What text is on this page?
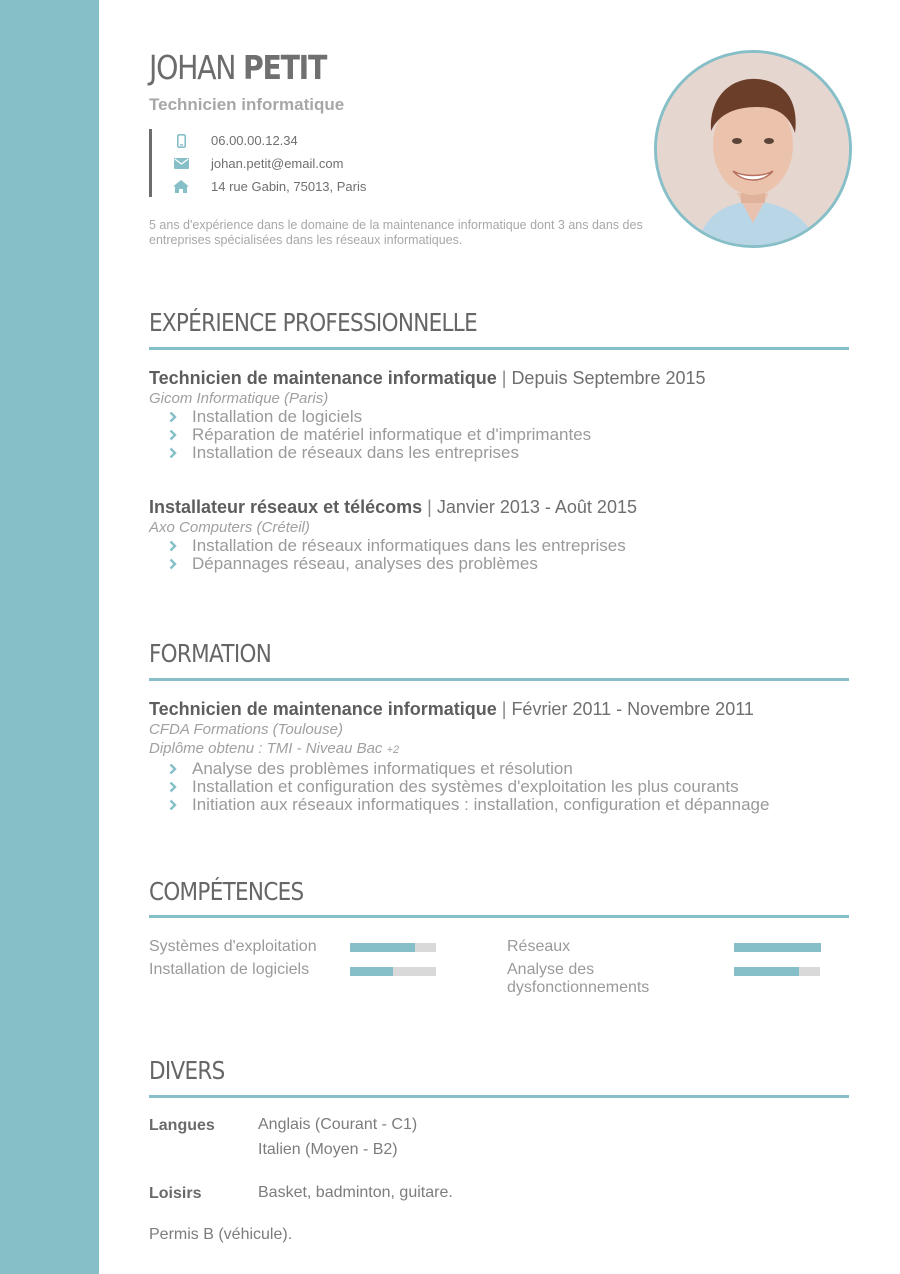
JOHAN PETIT
Technicien informatique
06.00.00.12.34
johan.petit@email.com
14 rue Gabin, 75013, Paris
5 ans d'expérience dans le domaine de la maintenance informatique dont 3 ans dans des entreprises spécialisées dans les réseaux informatiques.
EXPÉRIENCE PROFESSIONNELLE
Technicien de maintenance informatique | Depuis Septembre 2015
Gicom Informatique (Paris)
Installation de logiciels
Réparation de matériel informatique et d'imprimantes
Installation de réseaux dans les entreprises
Installateur réseaux et télécoms | Janvier 2013 - Août 2015
Axo Computers (Créteil)
Installation de réseaux informatiques dans les entreprises
Dépannages réseau, analyses des problèmes
FORMATION
Technicien de maintenance informatique | Février 2011 - Novembre 2011
CFDA Formations (Toulouse)
Diplôme obtenu : TMI - Niveau Bac +2
Analyse des problèmes informatiques et résolution
Installation et configuration des systèmes d'exploitation les plus courants
Initiation aux réseaux informatiques : installation, configuration et dépannage
COMPÉTENCES
Systèmes d'exploitation
Installation de logiciels
Réseaux
Analyse des dysfonctionnements
DIVERS
Langues	Anglais (Courant - C1)
Italien (Moyen - B2)
Loisirs	Basket, badminton, guitare.
Permis B (véhicule).
